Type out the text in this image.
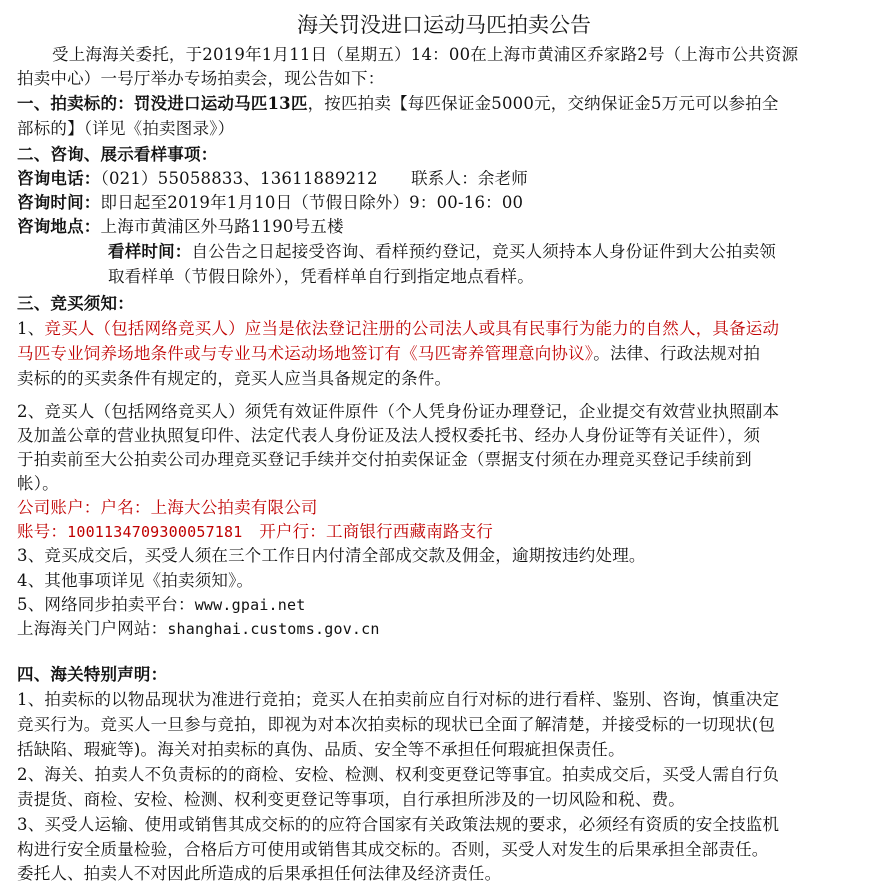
海关罚没进口运动马匹拍卖公告
受上海海关委托，于2019年1月11日（星期五）14：00在上海市黄浦区乔家路2号（上海市公共资源
拍卖中心）一号厅举办专场拍卖会，现公告如下：
一、拍卖标的：罚没进口运动马匹13匹，按匹拍卖【每匹保证金5000元，交纳保证金5万元可以参拍全
部标的】（详见《拍卖图录》）
二、咨询、展示看样事项：
咨询电话：（021）55058833、13611889212　　联系人：余老师
咨询时间：即日起至2019年1月10日（节假日除外）9：00-16：00
咨询地点：上海市黄浦区外马路1190号五楼
看样时间：自公告之日起接受咨询、看样预约登记，竞买人须持本人身份证件到大公拍卖领
取看样单（节假日除外），凭看样单自行到指定地点看样。
三、竞买须知：
1、竞买人（包括网络竞买人）应当是依法登记注册的公司法人或具有民事行为能力的自然人，具备运动
马匹专业饲养场地条件或与专业马术运动场地签订有《马匹寄养管理意向协议》。法律、行政法规对拍
卖标的的买卖条件有规定的，竞买人应当具备规定的条件。
2、竞买人（包括网络竞买人）须凭有效证件原件（个人凭身份证办理登记，企业提交有效营业执照副本
及加盖公章的营业执照复印件、法定代表人身份证及法人授权委托书、经办人身份证等有关证件），须
于拍卖前至大公拍卖公司办理竞买登记手续并交付拍卖保证金（票据支付须在办理竞买登记手续前到
帐）。
公司账户：户名：上海大公拍卖有限公司
账号：1001134709300057181　开户行：工商银行西藏南路支行
3、竞买成交后，买受人须在三个工作日内付清全部成交款及佣金，逾期按违约处理。
4、其他事项详见《拍卖须知》。
5、网络同步拍卖平台：www.gpai.net
上海海关门户网站：shanghai.customs.gov.cn
四、海关特别声明：
1、拍卖标的以物品现状为准进行竞拍；竞买人在拍卖前应自行对标的进行看样、鉴别、咨询，慎重决定
竞买行为。竞买人一旦参与竞拍，即视为对本次拍卖标的现状已全面了解清楚，并接受标的一切现状(包
括缺陷、瑕疵等)。海关对拍卖标的真伪、品质、安全等不承担任何瑕疵担保责任。
2、海关、拍卖人不负责标的的商检、安检、检测、权利变更登记等事宜。拍卖成交后，买受人需自行负
责提货、商检、安检、检测、权利变更登记等事项，自行承担所涉及的一切风险和税、费。
3、买受人运输、使用或销售其成交标的的应符合国家有关政策法规的要求，必须经有资质的安全技监机
构进行安全质量检验，合格后方可使用或销售其成交标的。否则，买受人对发生的后果承担全部责任。
委托人、拍卖人不对因此所造成的后果承担任何法律及经济责任。
